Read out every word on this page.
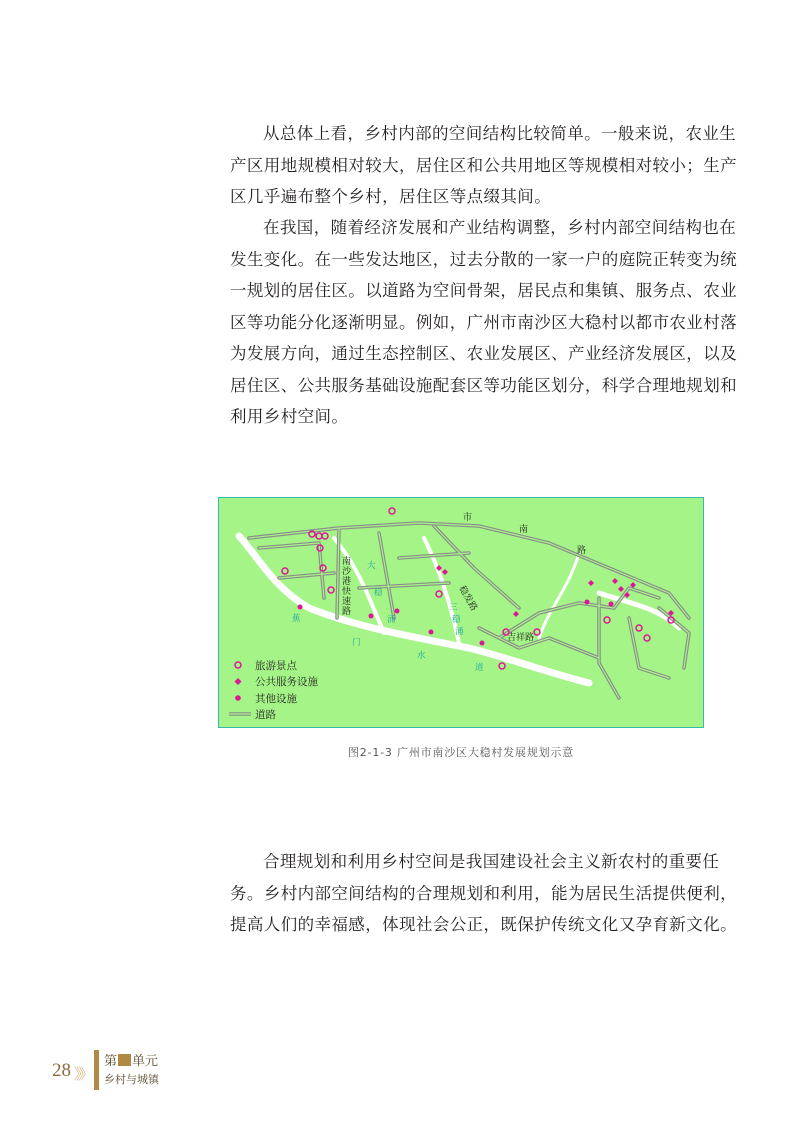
从总体上看，乡村内部的空间结构比较简单。一般来说，农业生
产区用地规模相对较大，居住区和公共用地区等规模相对较小；生产
区几乎遍布整个乡村，居住区等点缀其间。
在我国，随着经济发展和产业结构调整，乡村内部空间结构也在
发生变化。在一些发达地区，过去分散的一家一户的庭院正转变为统
一规划的居住区。以道路为空间骨架，居民点和集镇、服务点、农业
区等功能分化逐渐明显。例如，广州市南沙区大稳村以都市农业村落
为发展方向，通过生态控制区、农业发展区、产业经济发展区，以及
居住区、公共服务基础设施配套区等功能区划分，科学合理地规划和
利用乡村空间。
市
南
路
南
沙
港
快
速
路	稳发路
吉祥路
大
稳
涌
三
稳
涌
蕉
门
水
道
旅游景点
公共服务设施
其他设施
道路
图2-1-3 广州市南沙区大稳村发展规划示意
合理规划和利用乡村空间是我国建设社会主义新农村的重要任
务。乡村内部空间结构的合理规划和利用，能为居民生活提供便利，
提高人们的幸福感，体现社会公正，既保护传统文化又孕育新文化。
28 》》
第 单元
乡村与城镇
